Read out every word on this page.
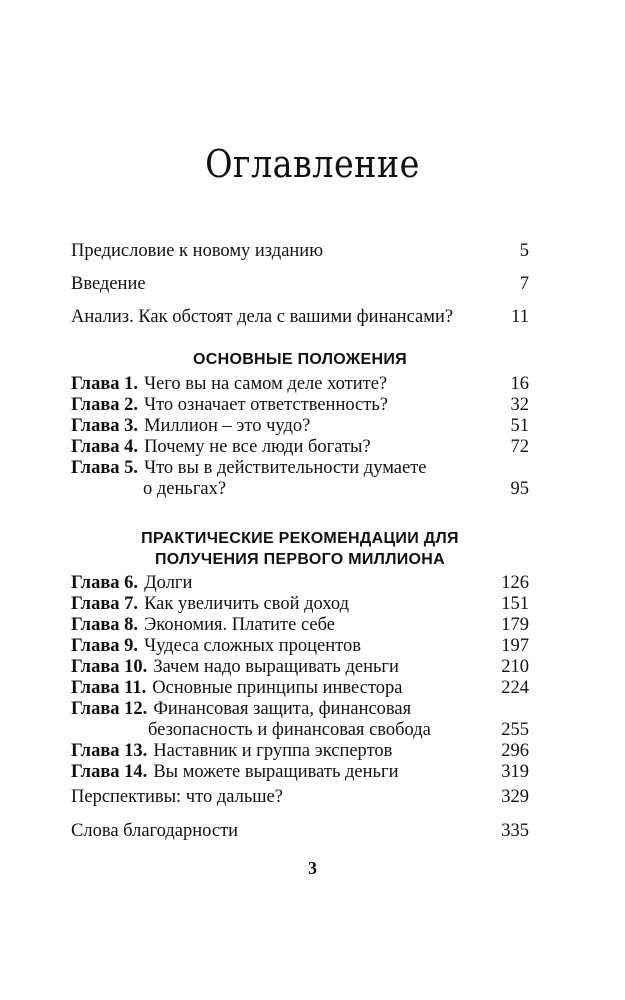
Оглавление
Предисловие к новому изданию	5
Введение	7
Анализ. Как обстоят дела с вашими финансами?	11
ОСНОВНЫЕ ПОЛОЖЕНИЯ
Глава 1. Чего вы на самом деле хотите?	16
Глава 2. Что означает ответственность?	32
Глава 3. Миллион – это чудо?	51
Глава 4. Почему не все люди богаты?	72
Глава 5. Что вы в действительности думаете
о деньгах?	95
ПРАКТИЧЕСКИЕ РЕКОМЕНДАЦИИ ДЛЯ
ПОЛУЧЕНИЯ ПЕРВОГО МИЛЛИОНА
Глава 6. Долги	126
Глава 7. Как увеличить свой доход	151
Глава 8. Экономия. Платите себе	179
Глава 9. Чудеса сложных процентов	197
Глава 10. Зачем надо выращивать деньги	210
Глава 11. Основные принципы инвестора	224
Глава 12. Финансовая защита, финансовая
безопасность и финансовая свобода	255
Глава 13. Наставник и группа экспертов	296
Глава 14. Вы можете выращивать деньги	319
Перспективы: что дальше?	329
Слова благодарности	335
3
